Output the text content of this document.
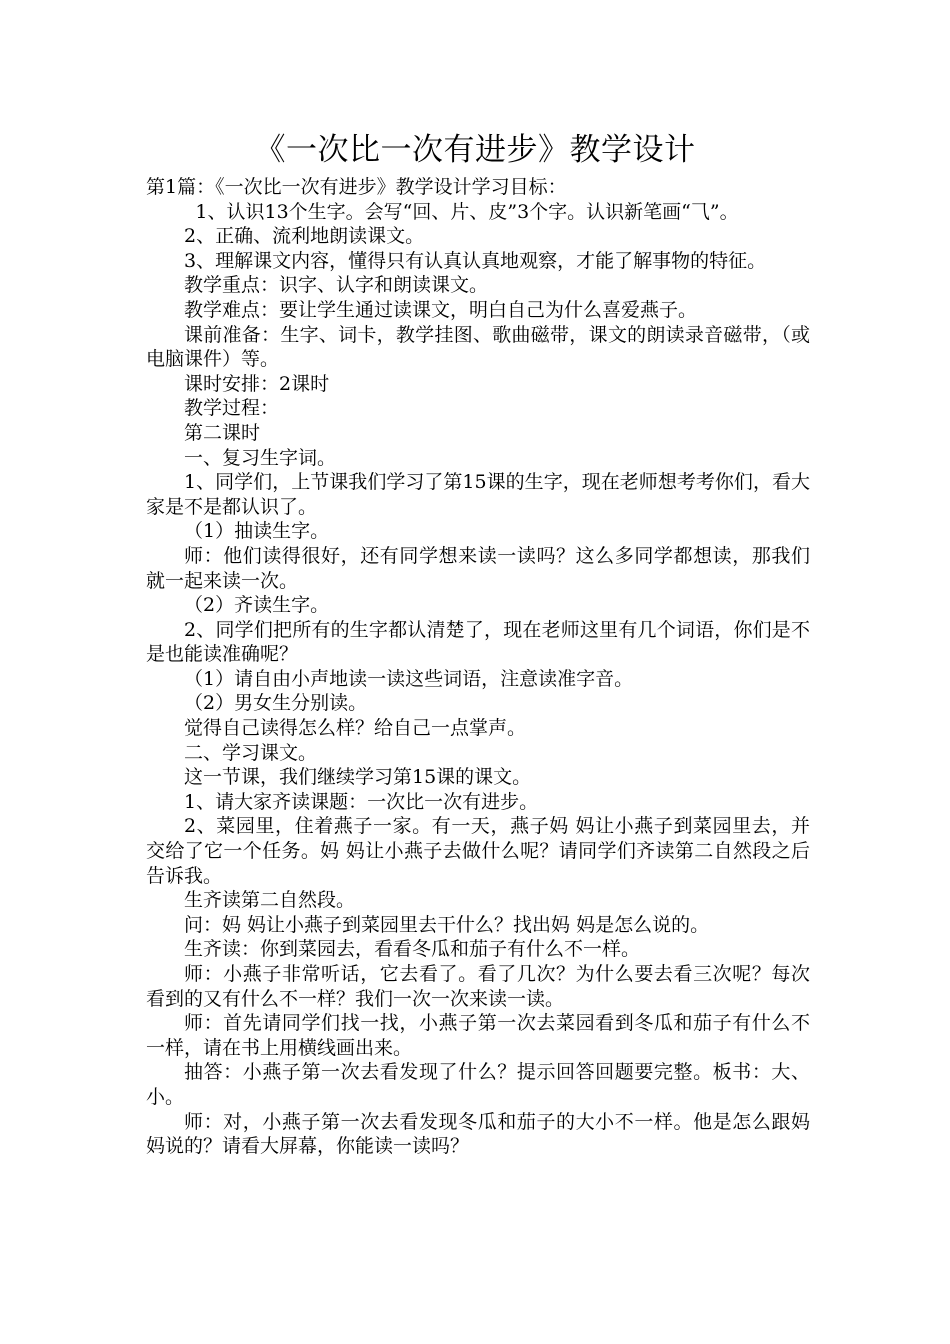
《一次比一次有进步》教学设计

第1篇：《一次比一次有进步》教学设计学习目标：

1、认识13个生字。会写“回、片、皮”3个字。认识新笔画“⺄”。

2、正确、流利地朗读课文。

3、理解课文内容，懂得只有认真认真地观察，才能了解事物的特征。

教学重点：识字、认字和朗读课文。

教学难点：要让学生通过读课文，明白自己为什么喜爱燕子。

课前准备：生字、词卡，教学挂图、歌曲磁带，课文的朗读录音磁带，（或电脑课件）等。

课时安排：2课时

教学过程：

第二课时

一、复习生字词。

1、同学们，上节课我们学习了第15课的生字，现在老师想考考你们，看大家是不是都认识了。

（1）抽读生字。

师：他们读得很好，还有同学想来读一读吗？这么多同学都想读，那我们就一起来读一次。

（2）齐读生字。

2、同学们把所有的生字都认清楚了，现在老师这里有几个词语，你们是不是也能读准确呢？

（1）请自由小声地读一读这些词语，注意读准字音。

（2）男女生分别读。

觉得自己读得怎么样？给自己一点掌声。

二、学习课文。

这一节课，我们继续学习第15课的课文。

1、请大家齐读课题：一次比一次有进步。

2、菜园里，住着燕子一家。有一天，燕子妈 妈让小燕子到菜园里去，并交给了它一个任务。妈 妈让小燕子去做什么呢？请同学们齐读第二自然段之后告诉我。

生齐读第二自然段。

问：妈 妈让小燕子到菜园里去干什么？找出妈 妈是怎么说的。

生齐读：你到菜园去，看看冬瓜和茄子有什么不一样。

师：小燕子非常听话，它去看了。看了几次？为什么要去看三次呢？每次看到的又有什么不一样？我们一次一次来读一读。

师：首先请同学们找一找，小燕子第一次去菜园看到冬瓜和茄子有什么不一样，请在书上用横线画出来。

抽答：小燕子第一次去看发现了什么？提示回答回题要完整。板书：大、小。

师：对，小燕子第一次去看发现冬瓜和茄子的大小不一样。他是怎么跟妈 妈说的？请看大屏幕，你能读一读吗？
